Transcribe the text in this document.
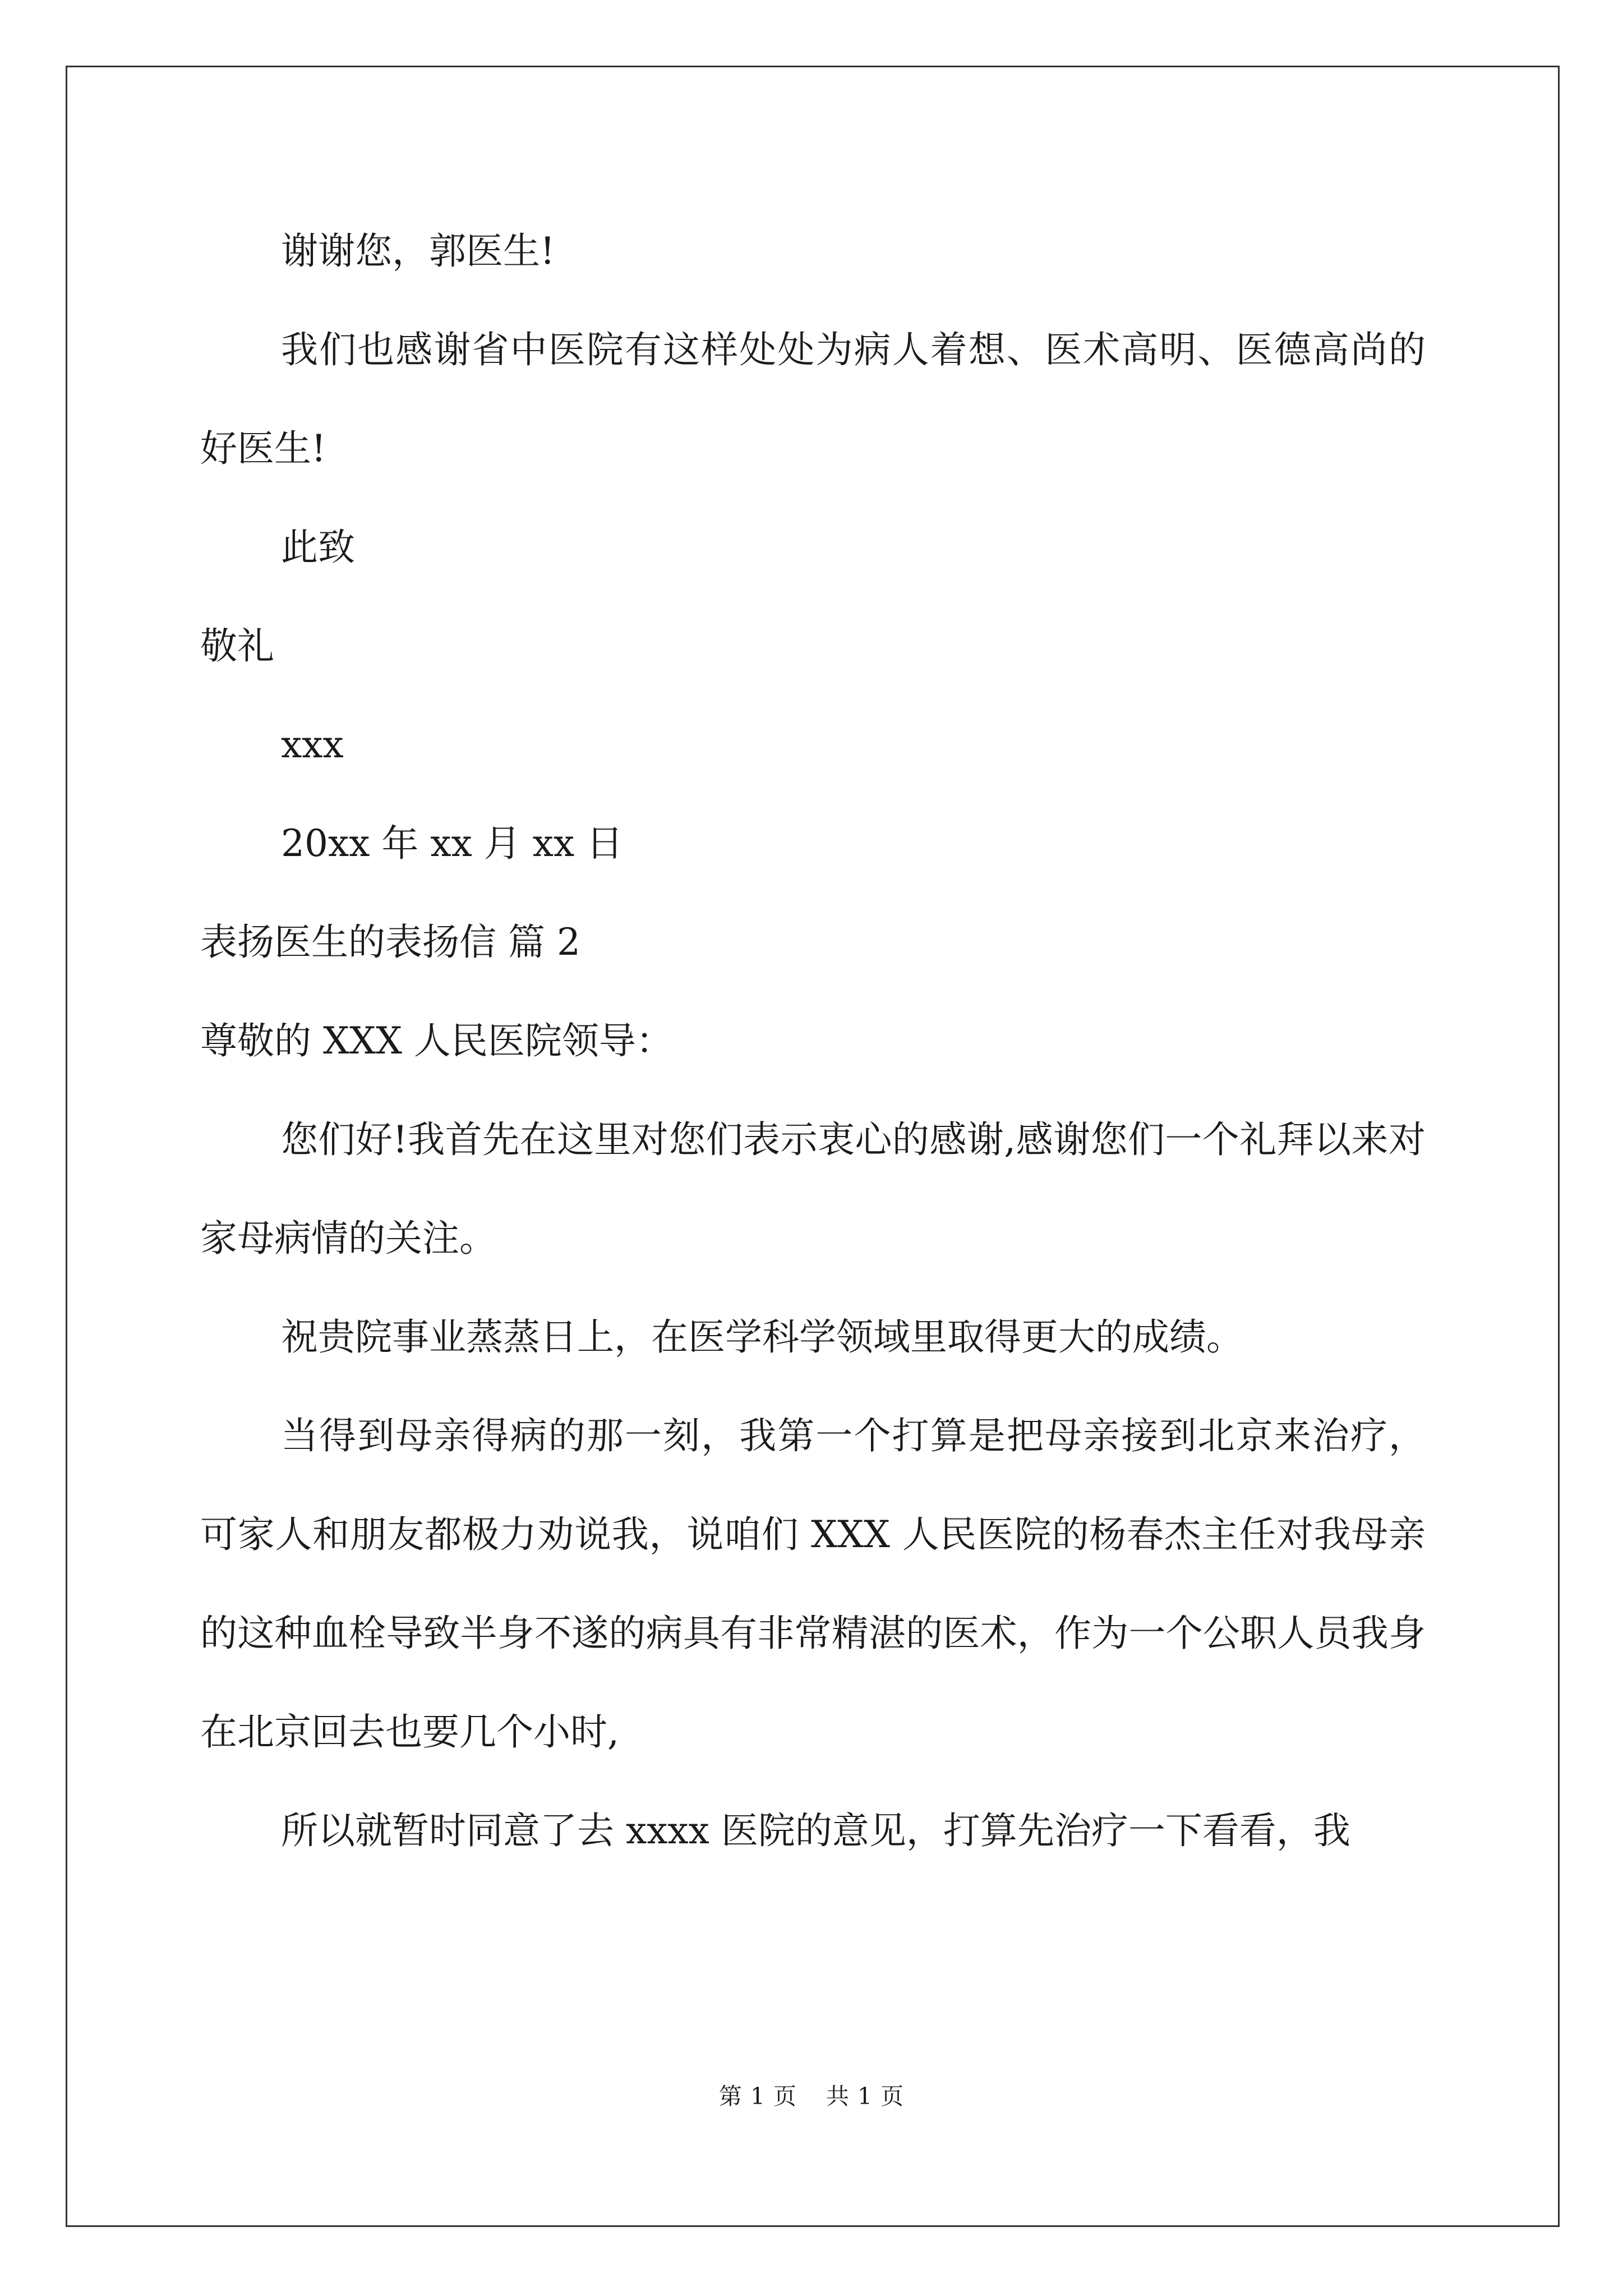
谢谢您，郭医生!

我们也感谢省中医院有这样处处为病人着想、医术高明、医德高尚的好医生!

此致

敬礼

xxx

20xx 年 xx 月 xx 日

表扬医生的表扬信 篇 2

尊敬的 XXX 人民医院领导：

您们好!我首先在这里对您们表示衷心的感谢,感谢您们一个礼拜以来对家母病情的关注。

祝贵院事业蒸蒸日上，在医学科学领域里取得更大的成绩。

当得到母亲得病的那一刻，我第一个打算是把母亲接到北京来治疗，可家人和朋友都极力劝说我，说咱们 XXX 人民医院的杨春杰主任对我母亲的这种血栓导致半身不遂的病具有非常精湛的医术，作为一个公职人员我身在北京回去也要几个小时,

所以就暂时同意了去 xxxx 医院的意见，打算先治疗一下看看，我

第 1 页 共 1 页
